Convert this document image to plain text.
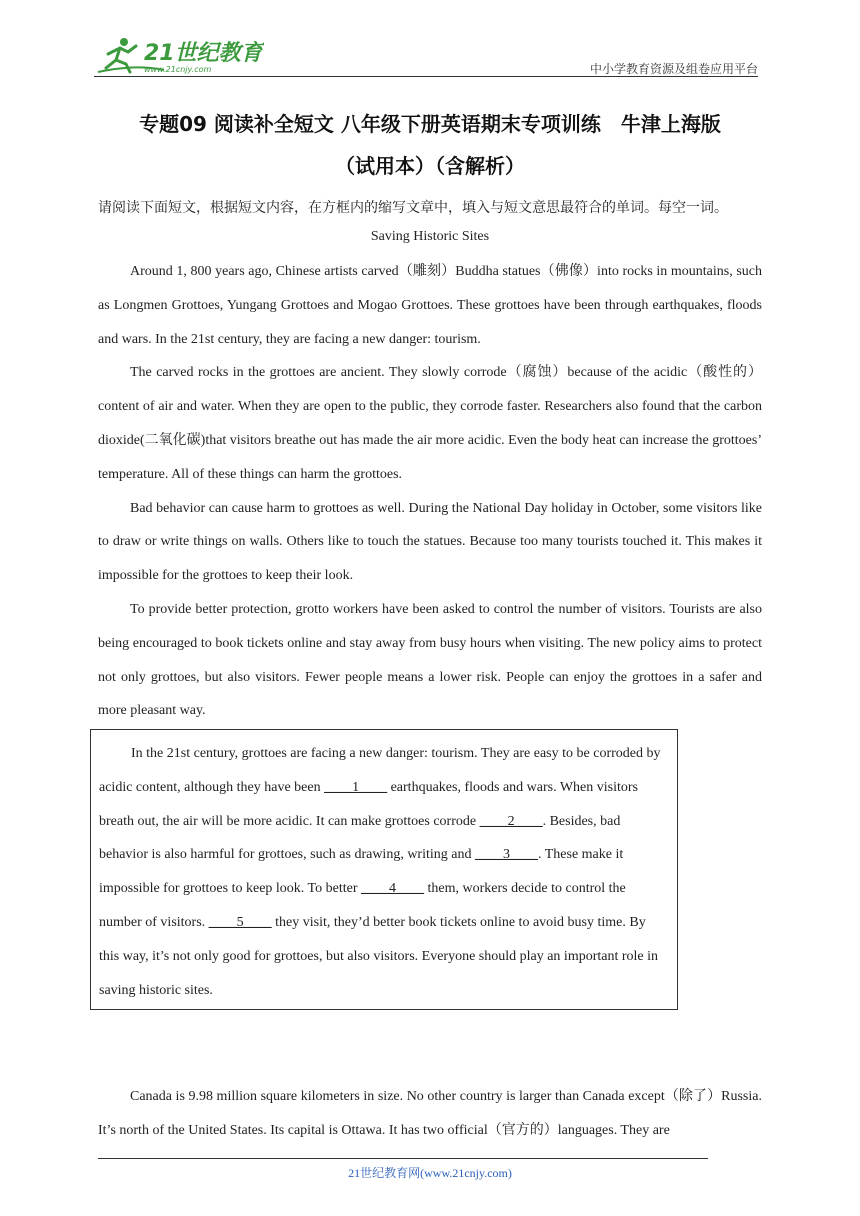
21世纪教育
www.21cnjy.com	中小学教育资源及组卷应用平台
专题09 阅读补全短文 八年级下册英语期末专项训练　牛津上海版
（试用本）（含解析）
请阅读下面短文，根据短文内容，在方框内的缩写文章中，填入与短文意思最符合的单词。每空一词。
Saving Historic Sites

Around 1, 800 years ago, Chinese artists carved（雕刻）Buddha statues（佛像）into rocks in mountains, such as Longmen Grottoes, Yungang Grottoes and Mogao Grottoes. These grottoes have been through earthquakes, floods and wars. In the 21st century, they are facing a new danger: tourism.

The carved rocks in the grottoes are ancient. They slowly corrode（腐蚀）because of the acidic（酸性的）content of air and water. When they are open to the public, they corrode faster. Researchers also found that the carbon dioxide(二氧化碳)that visitors breathe out has made the air more acidic. Even the body heat can increase the grottoes’ temperature. All of these things can harm the grottoes.

Bad behavior can cause harm to grottoes as well. During the National Day holiday in October, some visitors like to draw or write things on walls. Others like to touch the statues. Because too many tourists touched it. This makes it impossible for the grottoes to keep their look.

To provide better protection, grotto workers have been asked to control the number of visitors. Tourists are also being encouraged to book tickets online and stay away from busy hours when visiting. The new policy aims to protect not only grottoes, but also visitors. Fewer people means a lower risk. People can enjoy the grottoes in a safer and more pleasant way.

In the 21st century, grottoes are facing a new danger: tourism. They are easy to be corroded by acidic content, although they have been ____1____ earthquakes, floods and wars. When visitors breath out, the air will be more acidic. It can make grottoes corrode ____2____. Besides, bad behavior is also harmful for grottoes, such as drawing, writing and ____3____. These make it impossible for grottoes to keep look. To better ____4____ them, workers decide to control the number of visitors. ____5____ they visit, they’d better book tickets online to avoid busy time. By this way, it’s not only good for grottoes, but also visitors. Everyone should play an important role in saving historic sites.

Canada is 9.98 million square kilometers in size. No other country is larger than Canada except（除了）Russia. It’s north of the United States. Its capital is Ottawa. It has two official（官方的）languages. They are

21世纪教育网(www.21cnjy.com)
